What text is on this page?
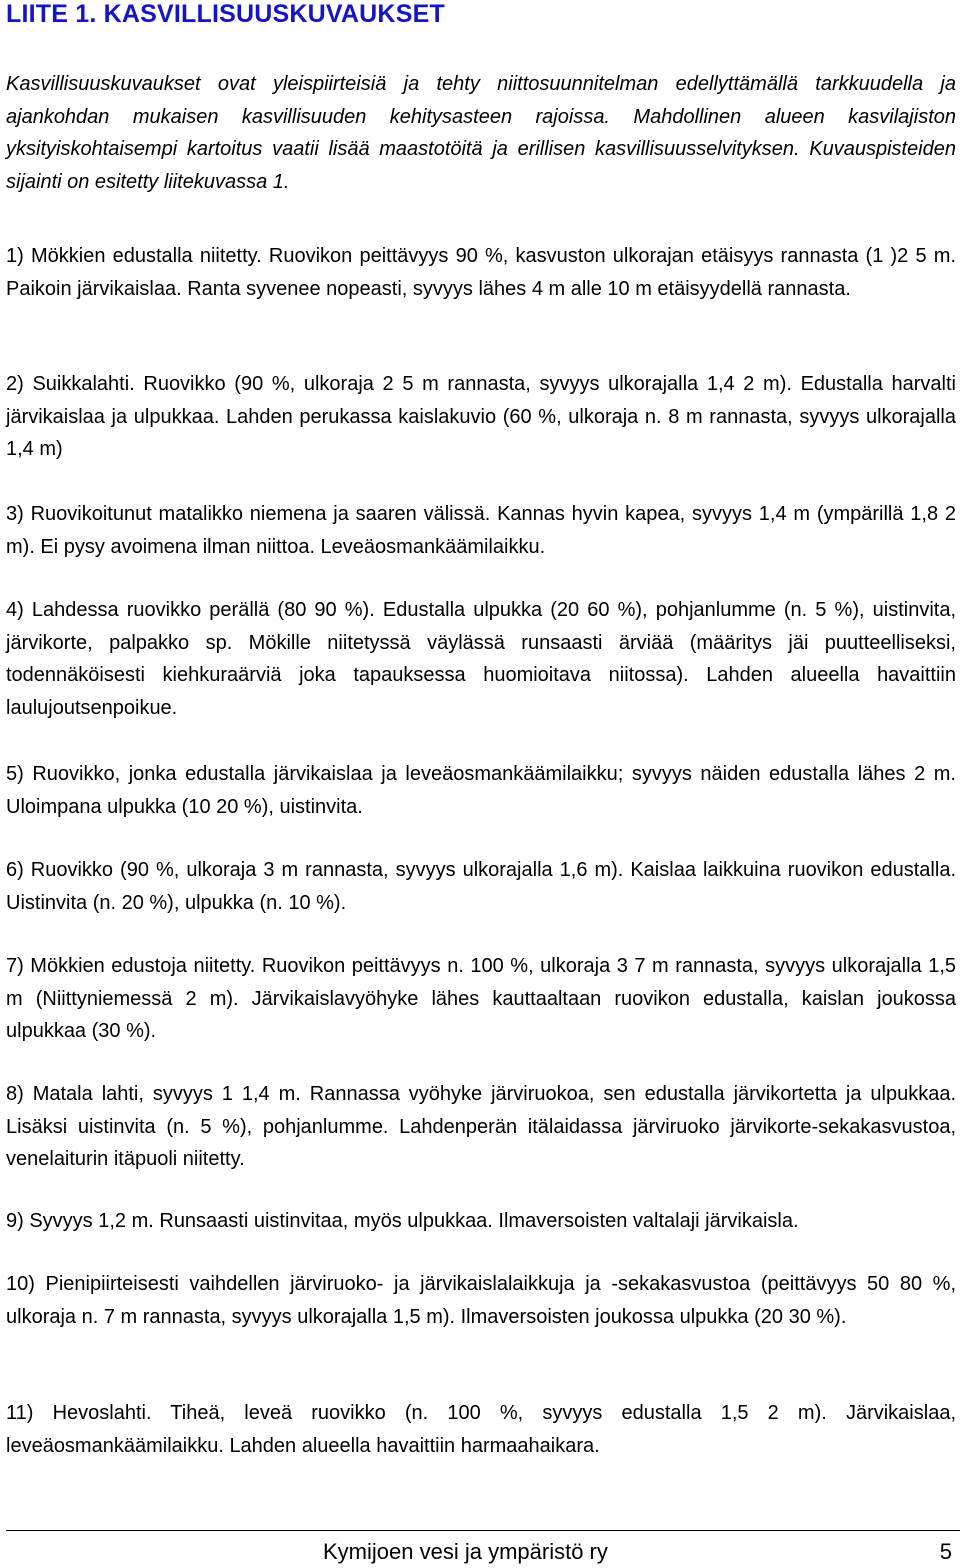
LIITE 1. KASVILLISUUSKUVAUKSET

Kasvillisuuskuvaukset ovat yleispiirteisiä ja tehty niittosuunnitelman edellyttämällä tarkkuudella ja ajankohdan mukaisen kasvillisuuden kehitysasteen rajoissa. Mahdollinen alueen kasvilajiston yksityiskohtaisempi kartoitus vaatii lisää maastotöitä ja erillisen kasvillisuusselvityksen. Kuvauspisteiden sijainti on esitetty liitekuvassa 1.

1) Mökkien edustalla niitetty. Ruovikon peittävyys 90 %, kasvuston ulkorajan etäisyys rannasta (1 )2 5 m. Paikoin järvikaislaa. Ranta syvenee nopeasti, syvyys lähes 4 m alle 10 m etäisyydellä rannasta.

2) Suikkalahti. Ruovikko (90 %, ulkoraja 2 5 m rannasta, syvyys ulkorajalla 1,4 2 m). Edustalla harvalti järvikaislaa ja ulpukkaa. Lahden perukassa kaislakuvio (60 %, ulkoraja n. 8 m rannasta, syvyys ulkorajalla 1,4 m)

3) Ruovikoitunut matalikko niemena ja saaren välissä. Kannas hyvin kapea, syvyys 1,4 m (ympärillä 1,8 2 m). Ei pysy avoimena ilman niittoa. Leveäosmankäämilaikku.

4) Lahdessa ruovikko perällä (80 90 %). Edustalla ulpukka (20 60 %), pohjanlumme (n. 5 %), uistinvita, järvikorte, palpakko sp. Mökille niitetyssä väylässä runsaasti ärviää (määritys jäi puutteelliseksi, todennäköisesti kiehkuraärviä joka tapauksessa huomioitava niitossa). Lahden alueella havaittiin laulujoutsenpoikue.

5) Ruovikko, jonka edustalla järvikaislaa ja leveäosmankäämilaikku; syvyys näiden edustalla lähes 2 m. Uloimpana ulpukka (10 20 %), uistinvita.

6) Ruovikko (90 %, ulkoraja 3 m rannasta, syvyys ulkorajalla 1,6 m). Kaislaa laikkuina ruovikon edustalla. Uistinvita (n. 20 %), ulpukka (n. 10 %).

7) Mökkien edustoja niitetty. Ruovikon peittävyys n. 100 %, ulkoraja 3 7 m rannasta, syvyys ulkorajalla 1,5 m (Niittyniemessä 2 m). Järvikaislavyöhyke lähes kauttaaltaan ruovikon edustalla, kaislan joukossa ulpukkaa (30 %).

8) Matala lahti, syvyys 1 1,4 m. Rannassa vyöhyke järviruokoa, sen edustalla järvikortetta ja ulpukkaa. Lisäksi uistinvita (n. 5 %), pohjanlumme. Lahdenperän itälaidassa järviruoko järvikorte-sekakasvustoa, venelaiturin itäpuoli niitetty.

9) Syvyys 1,2 m. Runsaasti uistinvitaa, myös ulpukkaa. Ilmaversoisten valtalaji järvikaisla.

10) Pienipiirteisesti vaihdellen järviruoko- ja järvikaislalaikkuja ja -sekakasvustoa (peittävyys 50 80 %, ulkoraja n. 7 m rannasta, syvyys ulkorajalla 1,5 m). Ilmaversoisten joukossa ulpukka (20 30 %).

11) Hevoslahti. Tiheä, leveä ruovikko (n. 100 %, syvyys edustalla 1,5 2 m). Järvikaislaa, leveäosmankäämilaikku. Lahden alueella havaittiin harmaahaikara.

Kymijoen vesi ja ympäristö ry	5
